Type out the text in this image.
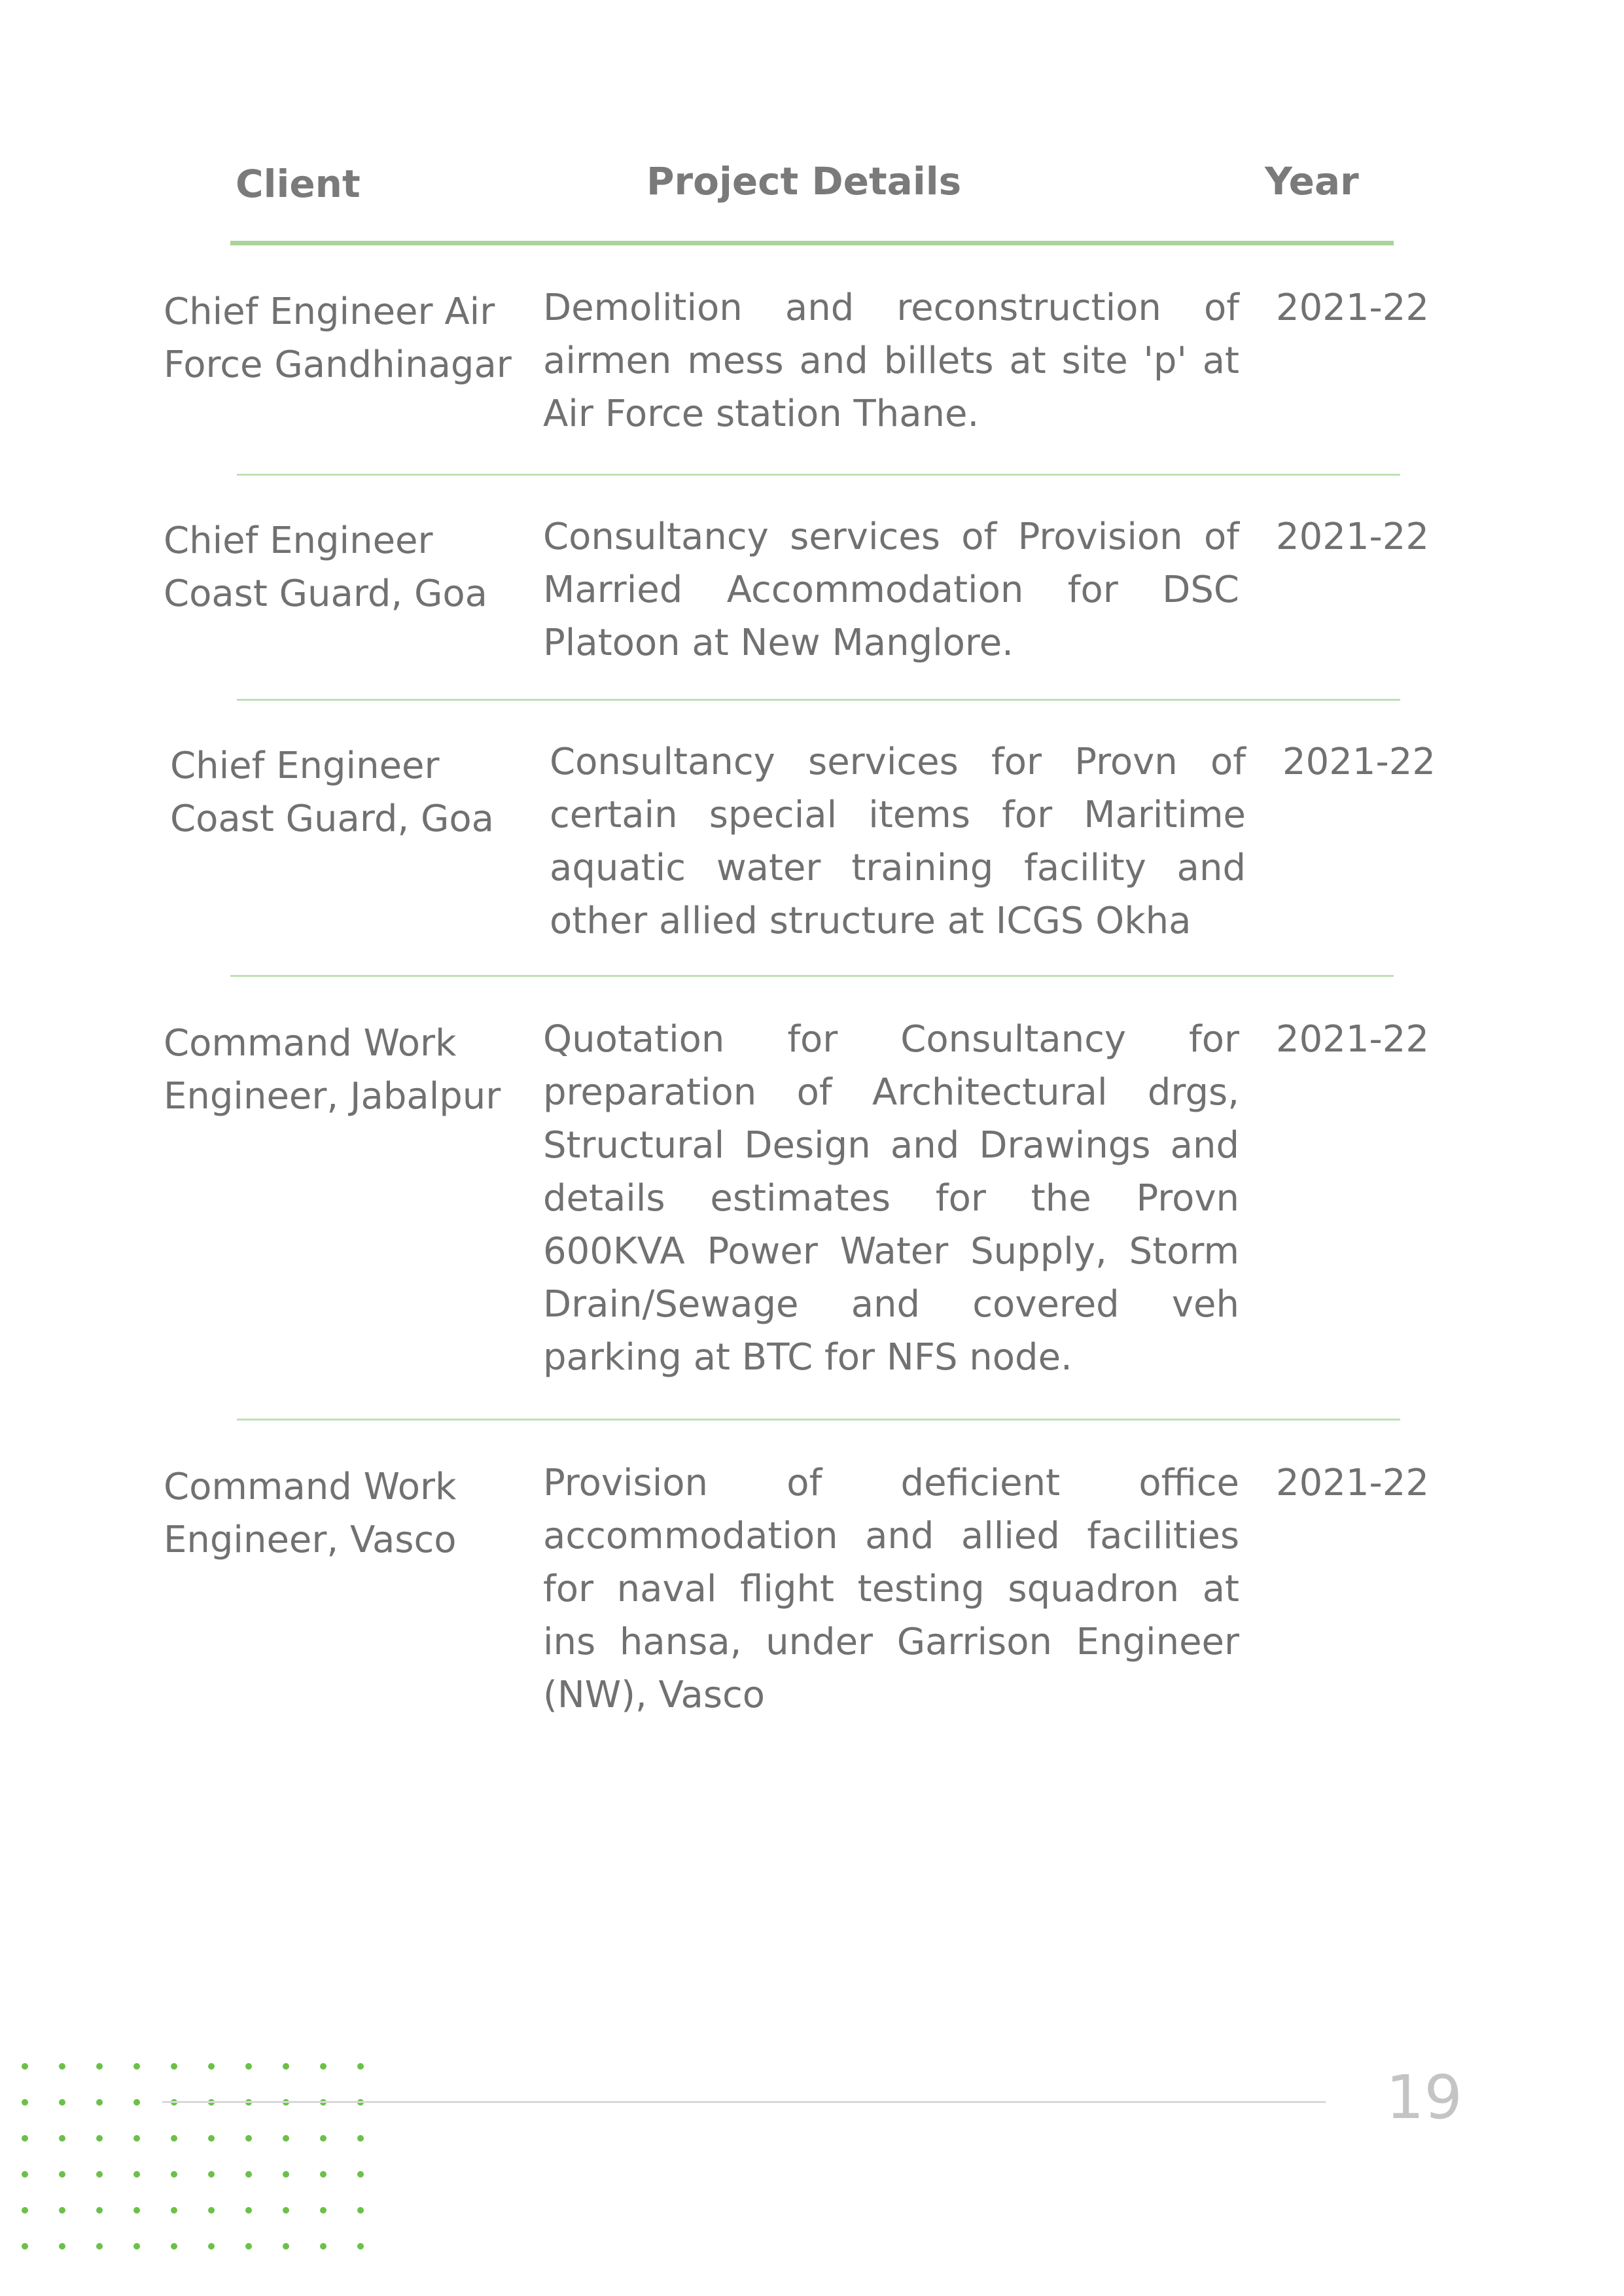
Client	Project Details	Year
Chief Engineer Air
Force Gandhinagar
Demolition and reconstruction of airmen mess and billets at site 'p' at Air Force station Thane.
2021-22
Chief Engineer
Coast Guard, Goa
Consultancy services of Provision of Married Accommodation for DSC Platoon at New Manglore.
2021-22
Chief Engineer
Coast Guard, Goa
Consultancy services for Provn of certain special items for Maritime aquatic water training facility and other allied structure at ICGS Okha
2021-22
Command Work
Engineer, Jabalpur
Quotation for Consultancy for preparation of Architectural drgs, Structural Design and Drawings and details estimates for the Provn 600KVA Power Water Supply, Storm Drain/Sewage and covered veh parking at BTC for NFS node.
2021-22
Command Work
Engineer, Vasco
Provision of deficient office accommodation and allied facilities for naval flight testing squadron at ins hansa, under Garrison Engineer (NW), Vasco
2021-22
19
